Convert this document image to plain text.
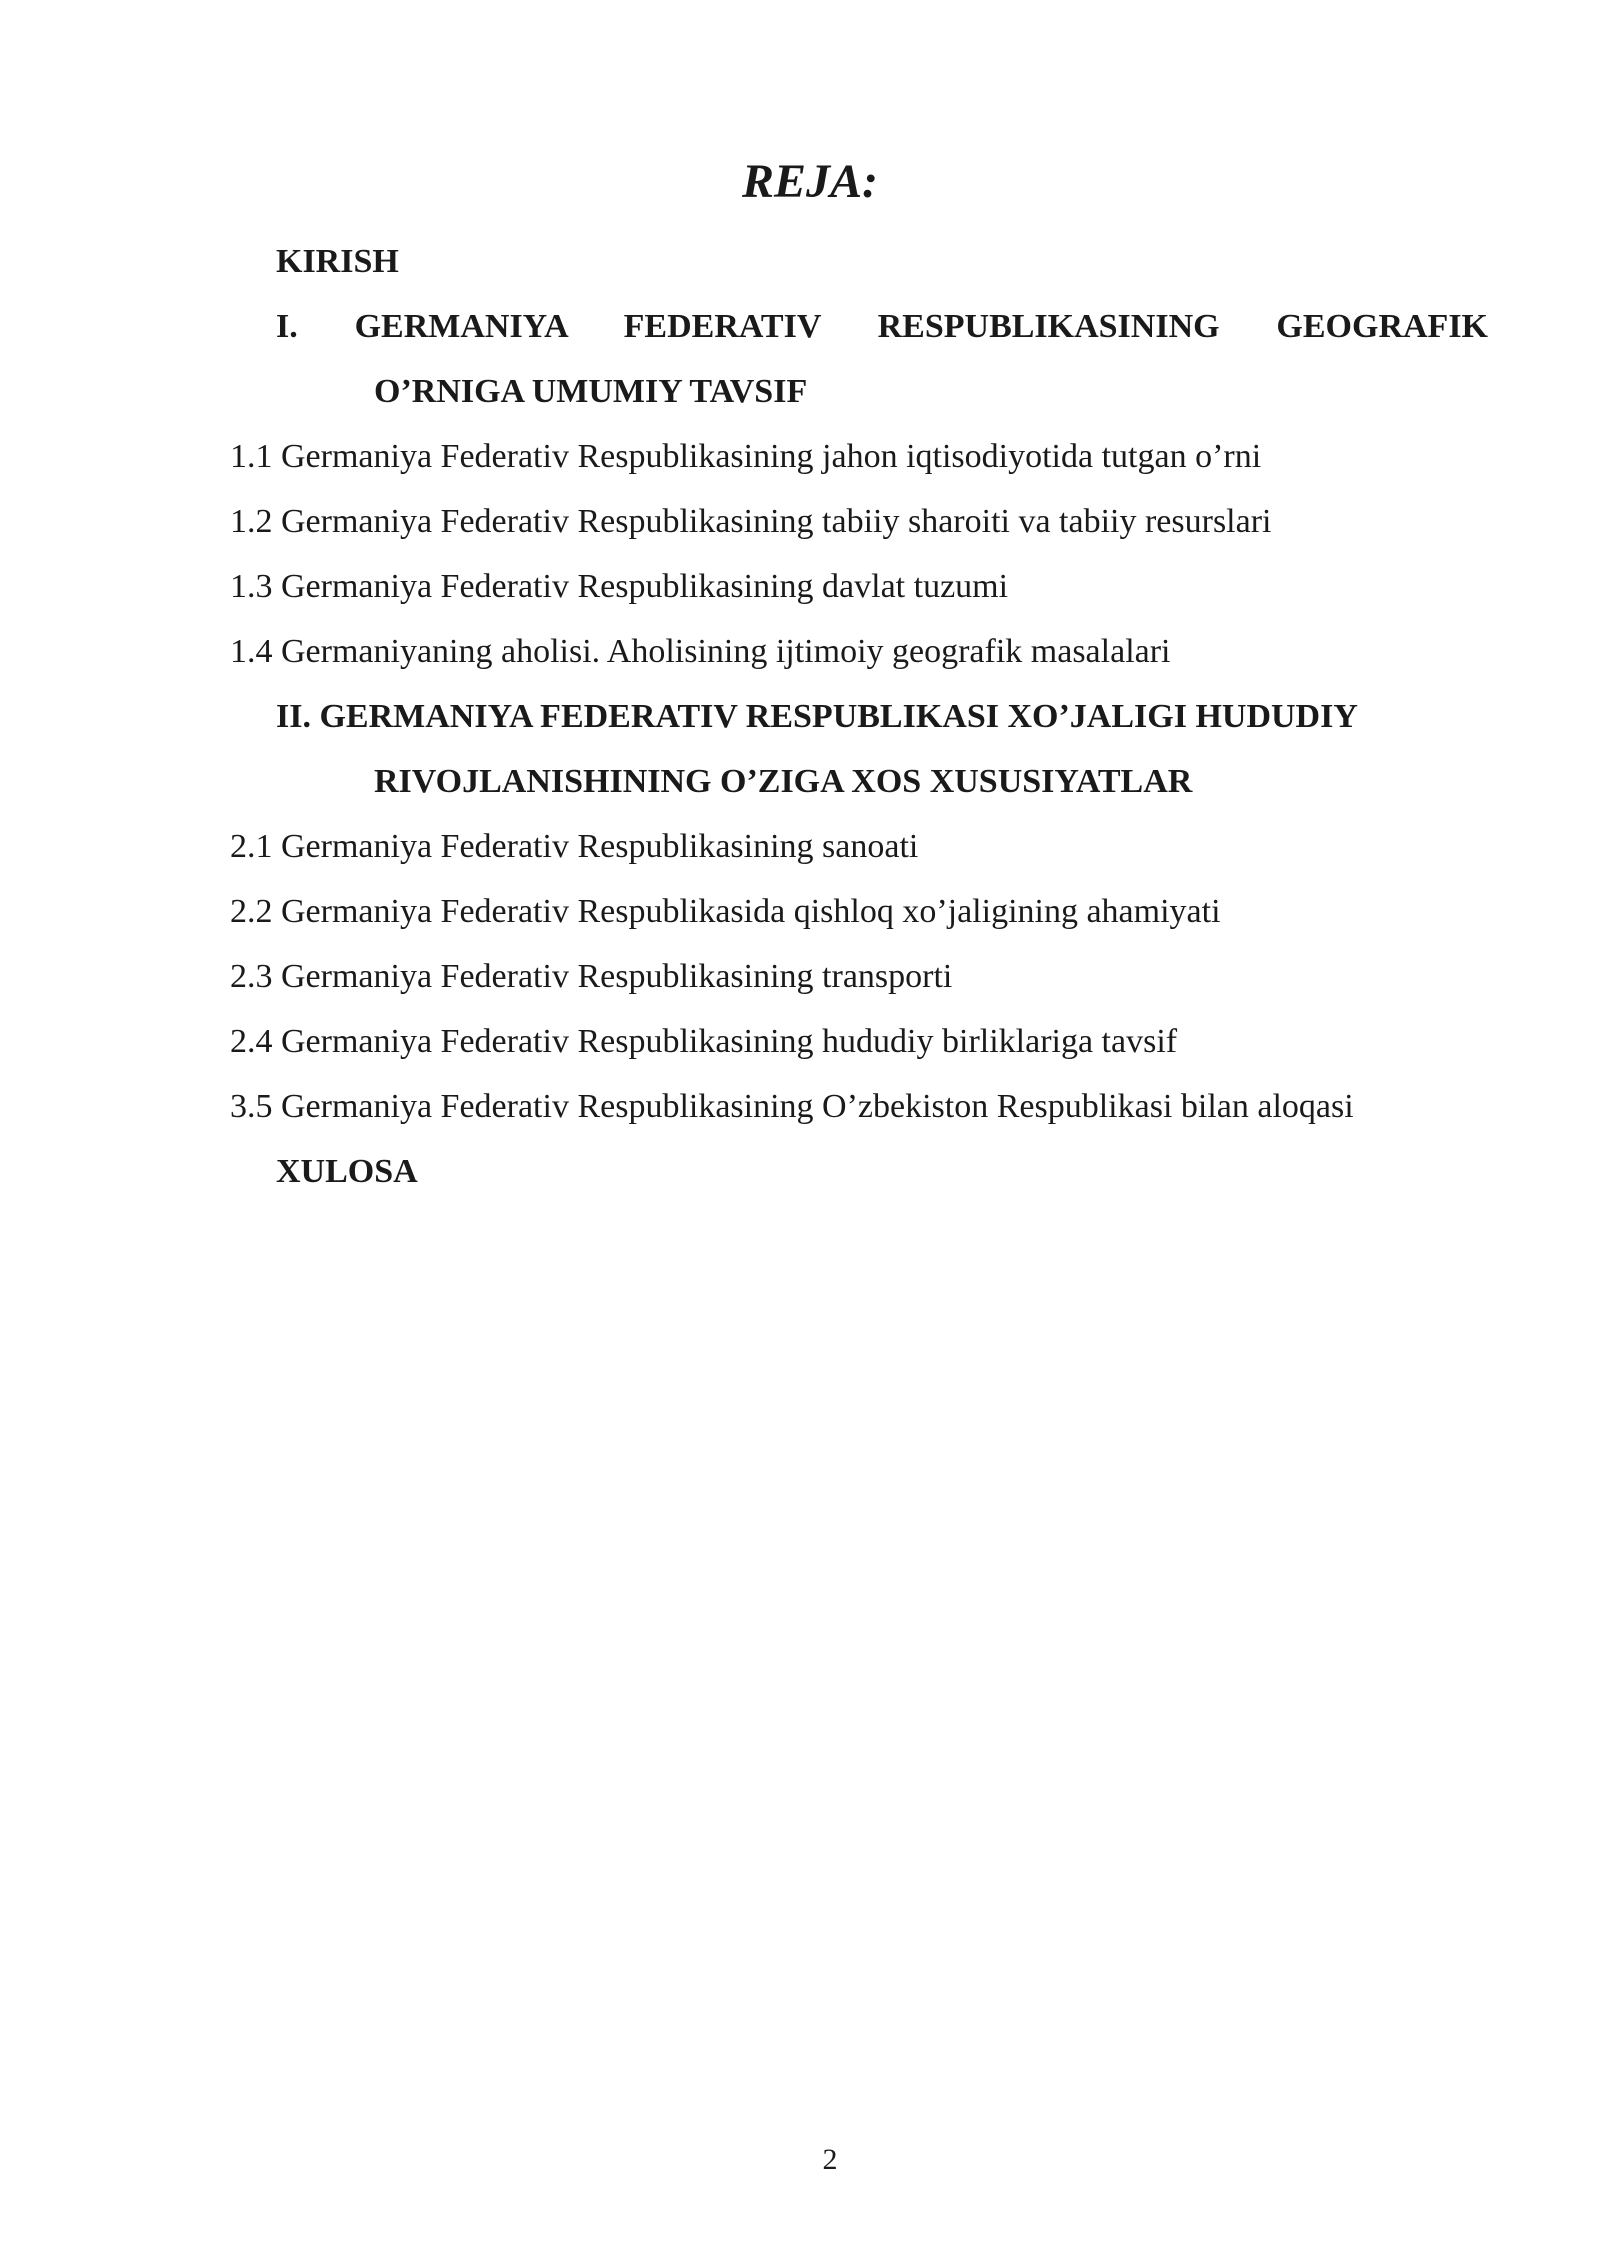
REJA:
KIRISH
I. GERMANIYA FEDERATIV RESPUBLIKASINING GEOGRAFIK
O’RNIGA UMUMIY TAVSIF
1.1 Germaniya Federativ Respublikasining jahon iqtisodiyotida tutgan o’rni
1.2 Germaniya Federativ Respublikasining tabiiy sharoiti va tabiiy resurslari
1.3 Germaniya Federativ Respublikasining davlat tuzumi
1.4 Germaniyaning aholisi. Aholisining ijtimoiy geografik masalalari
II. GERMANIYA FEDERATIV RESPUBLIKASI XO’JALIGI HUDUDIY
RIVOJLANISHINING O’ZIGA XOS XUSUSIYATLAR
2.1 Germaniya Federativ Respublikasining sanoati
2.2 Germaniya Federativ Respublikasida qishloq xo’jaligining ahamiyati
2.3 Germaniya Federativ Respublikasining transporti
2.4 Germaniya Federativ Respublikasining hududiy birliklariga tavsif
3.5 Germaniya Federativ Respublikasining O’zbekiston Respublikasi bilan aloqasi
XULOSA
2
